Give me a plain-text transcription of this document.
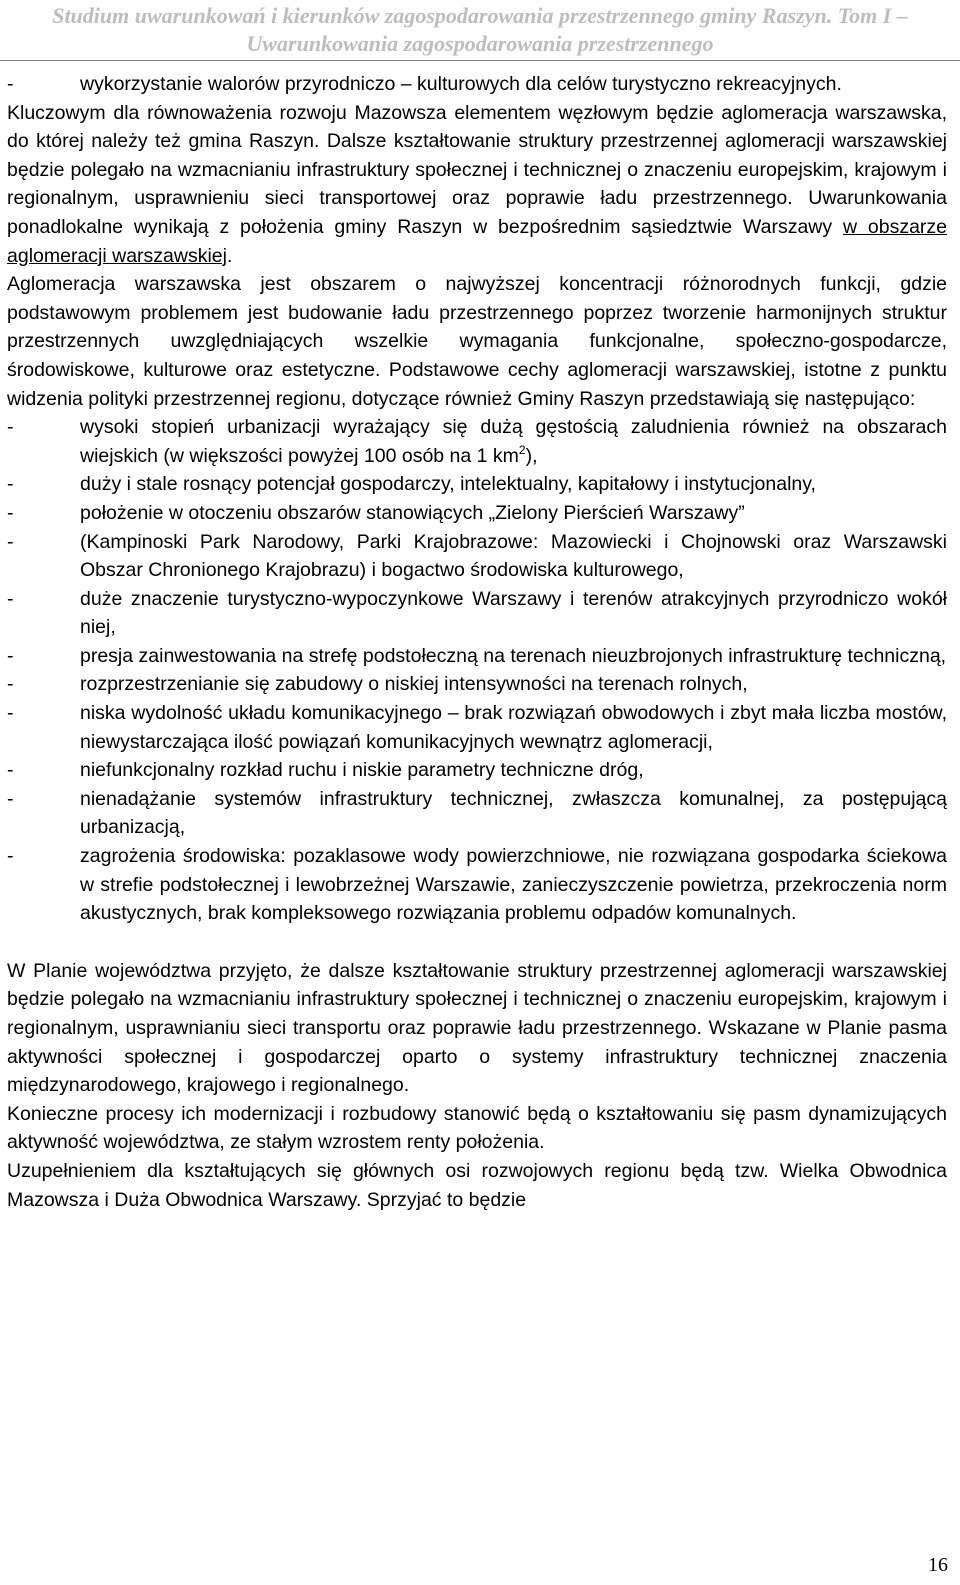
Studium uwarunkowań i kierunków zagospodarowania przestrzennego gminy Raszyn. Tom I –
Uwarunkowania zagospodarowania przestrzennego
-	wykorzystanie walorów przyrodniczo – kulturowych dla celów turystyczno rekreacyjnych.

Kluczowym dla równoważenia rozwoju Mazowsza elementem węzłowym będzie aglomeracja warszawska, do której należy też gmina Raszyn. Dalsze kształtowanie struktury przestrzennej aglomeracji warszawskiej będzie polegało na wzmacnianiu infrastruktury społecznej i technicznej o znaczeniu europejskim, krajowym i regionalnym, usprawnieniu sieci transportowej oraz poprawie ładu przestrzennego. Uwarunkowania ponadlokalne wynikają z położenia gminy Raszyn w bezpośrednim sąsiedztwie Warszawy w obszarze aglomeracji warszawskiej.

Aglomeracja warszawska jest obszarem o najwyższej koncentracji różnorodnych funkcji, gdzie podstawowym problemem jest budowanie ładu przestrzennego poprzez tworzenie harmonijnych struktur przestrzennych uwzględniających wszelkie wymagania funkcjonalne, społeczno-gospodarcze, środowiskowe, kulturowe oraz estetyczne. Podstawowe cechy aglomeracji warszawskiej, istotne z punktu widzenia polityki przestrzennej regionu, dotyczące również Gminy Raszyn przedstawiają się następująco:

-	wysoki stopień urbanizacji wyrażający się dużą gęstością zaludnienia również na obszarach wiejskich (w większości powyżej 100 osób na 1 $km^2$),
-	duży i stale rosnący potencjał gospodarczy, intelektualny, kapitałowy i instytucjonalny,
-	położenie w otoczeniu obszarów stanowiących „Zielony Pierścień Warszawy”
-	(Kampinoski Park Narodowy, Parki Krajobrazowe: Mazowiecki i Chojnowski oraz Warszawski Obszar Chronionego Krajobrazu) i bogactwo środowiska kulturowego,
-	duże znaczenie turystyczno-wypoczynkowe Warszawy i terenów atrakcyjnych przyrodniczo wokół niej,
-	presja zainwestowania na strefę podstołeczną na terenach nieuzbrojonych infrastrukturę techniczną,
-	rozprzestrzenianie się zabudowy o niskiej intensywności na terenach rolnych,
-	niska wydolność układu komunikacyjnego – brak rozwiązań obwodowych i zbyt mała liczba mostów, niewystarczająca ilość powiązań komunikacyjnych wewnątrz aglomeracji,
-	niefunkcjonalny rozkład ruchu i niskie parametry techniczne dróg,
-	nienadążanie systemów infrastruktury technicznej, zwłaszcza komunalnej, za postępującą urbanizacją,
-	zagrożenia środowiska: pozaklasowe wody powierzchniowe, nie rozwiązana gospodarka ściekowa w strefie podstołecznej i lewobrzeżnej Warszawie, zanieczyszczenie powietrza, przekroczenia norm akustycznych, brak kompleksowego rozwiązania problemu odpadów komunalnych.

W Planie województwa przyjęto, że dalsze kształtowanie struktury przestrzennej aglomeracji warszawskiej będzie polegało na wzmacnianiu infrastruktury społecznej i technicznej o znaczeniu europejskim, krajowym i regionalnym, usprawnianiu sieci transportu oraz poprawie ładu przestrzennego. Wskazane w Planie pasma aktywności społecznej i gospodarczej oparto o systemy infrastruktury technicznej znaczenia międzynarodowego, krajowego i regionalnego.

Konieczne procesy ich modernizacji i rozbudowy stanowić będą o kształtowaniu się pasm dynamizujących aktywność województwa, ze stałym wzrostem renty położenia.

Uzupełnieniem dla kształtujących się głównych osi rozwojowych regionu będą tzw. Wielka Obwodnica Mazowsza i Duża Obwodnica Warszawy. Sprzyjać to będzie

16
